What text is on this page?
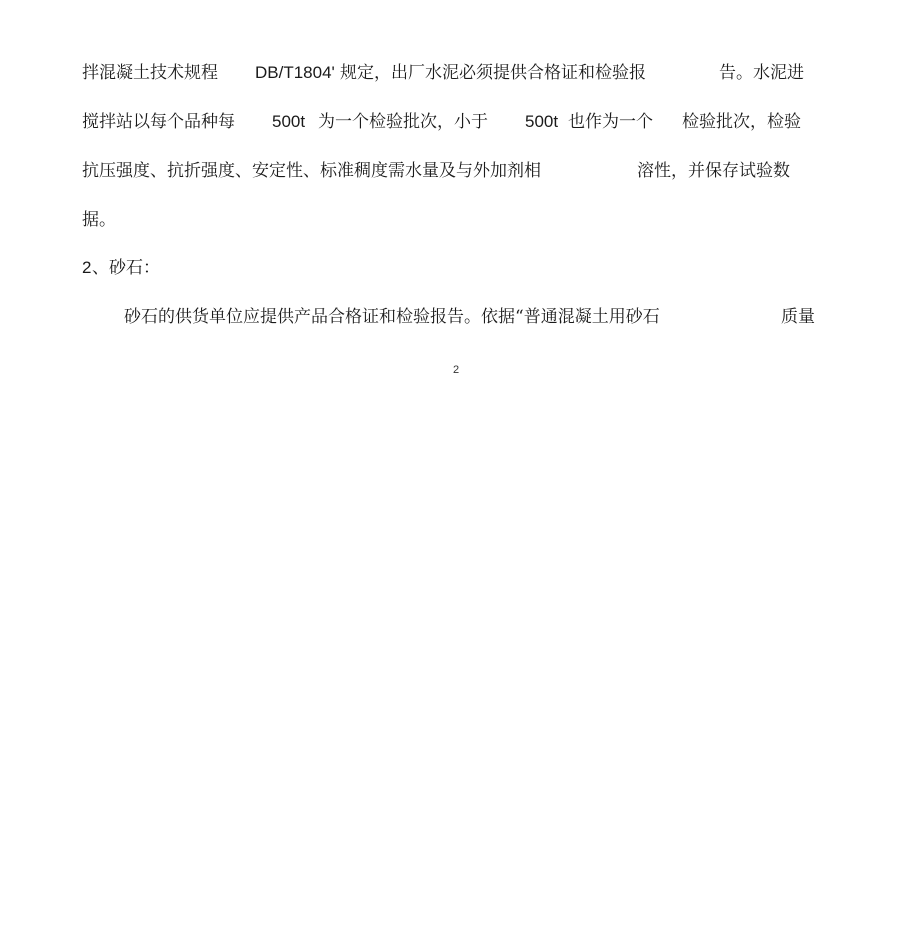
拌混凝土技术规程 DB/T1804' 规定，出厂水泥必须提供合格证和检验报	告。水泥进
搅拌站以每个品种每 500t 为一个检验批次，小于 500t 也作为一个 检验批次，检验
抗压强度、抗折强度、安定性、标准稠度需水量及与外加剂相	溶性，并保存试验数
据。
2 、砂石：
砂石的供货单位应提供产品合格证和检验报告。依据“普通混凝土用砂石	质量
2
